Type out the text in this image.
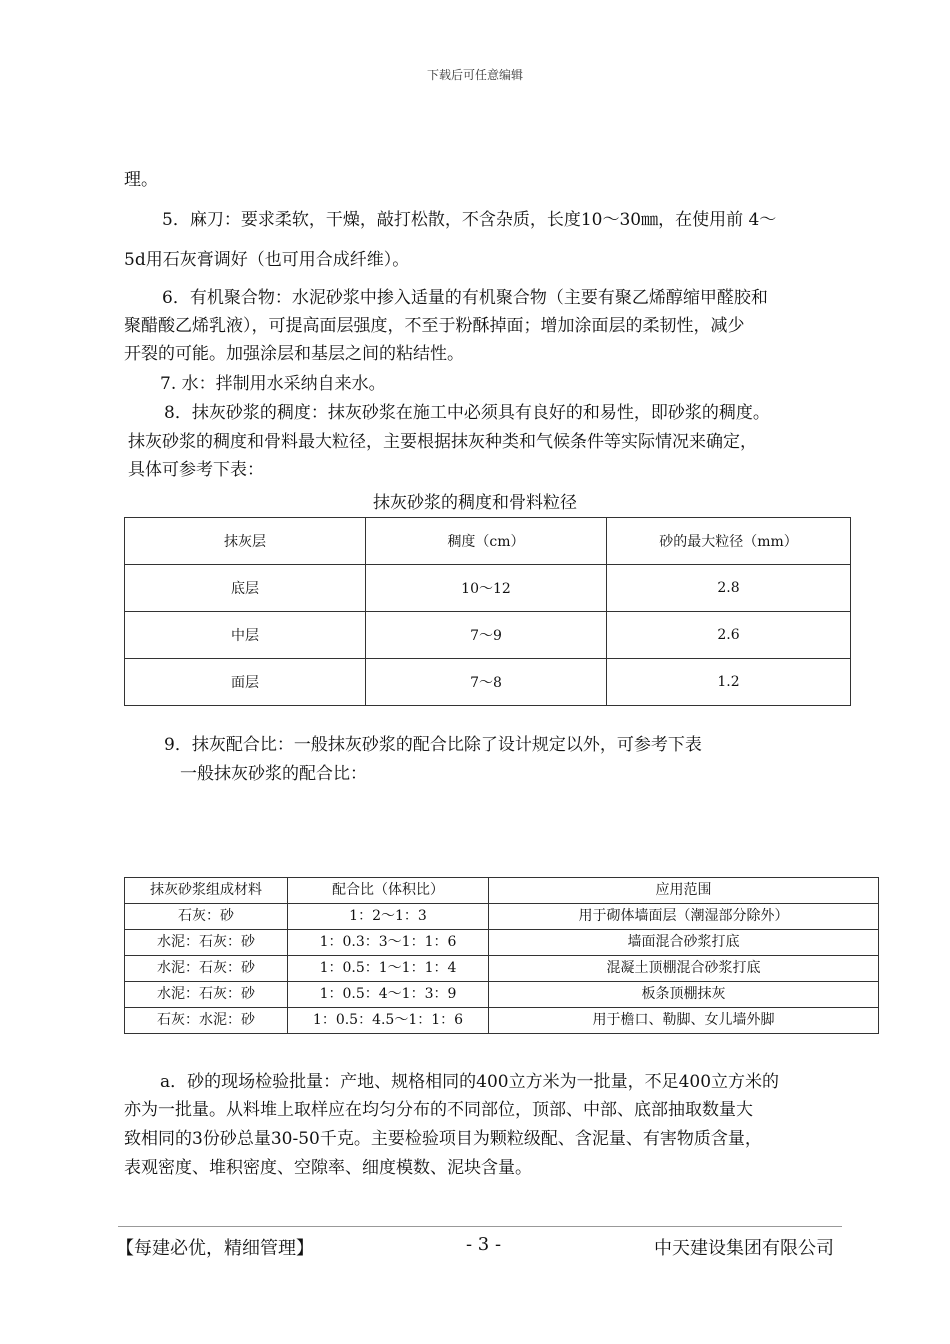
下载后可任意编辑
理。
5．麻刀：要求柔软，干燥，敲打松散，不含杂质，长度10～30㎜，在使用前 4～
5d用石灰膏调好（也可用合成纤维）。
6．有机聚合物：水泥砂浆中掺入适量的有机聚合物（主要有聚乙烯醇缩甲醛胶和
聚醋酸乙烯乳液），可提高面层强度，不至于粉酥掉面；增加涂面层的柔韧性，减少
开裂的可能。加强涂层和基层之间的粘结性。
7. 水：拌制用水采纳自来水。
8．抹灰砂浆的稠度：抹灰砂浆在施工中必须具有良好的和易性，即砂浆的稠度。
抹灰砂浆的稠度和骨料最大粒径，主要根据抹灰种类和气候条件等实际情况来确定，
具体可参考下表：
抹灰砂浆的稠度和骨料粒径
抹灰层	稠度（cm）	砂的最大粒径（mm）
底层	10～12	2.8
中层	7～9	2.6
面层	7～8	1.2
9．抹灰配合比：一般抹灰砂浆的配合比除了设计规定以外，可参考下表
一般抹灰砂浆的配合比：
抹灰砂浆组成材料	配合比（体积比）	应用范围
石灰：砂	1：2～1：3	用于砌体墙面层（潮湿部分除外）
水泥：石灰：砂	1：0.3：3～1：1：6	墙面混合砂浆打底
水泥：石灰：砂	1：0.5：1～1：1：4	混凝土顶棚混合砂浆打底
水泥：石灰：砂	1：0.5：4～1：3：9	板条顶棚抹灰
石灰：水泥：砂	1：0.5：4.5～1：1：6	用于檐口、勒脚、女儿墙外脚
a．砂的现场检验批量：产地、规格相同的400立方米为一批量，不足400立方米的
亦为一批量。从料堆上取样应在均匀分布的不同部位，顶部、中部、底部抽取数量大
致相同的3份砂总量30-50千克。主要检验项目为颗粒级配、含泥量、有害物质含量，
表观密度、堆积密度、空隙率、细度模数、泥块含量。
【每建必优，精细管理】	- 3 -	中天建设集团有限公司
